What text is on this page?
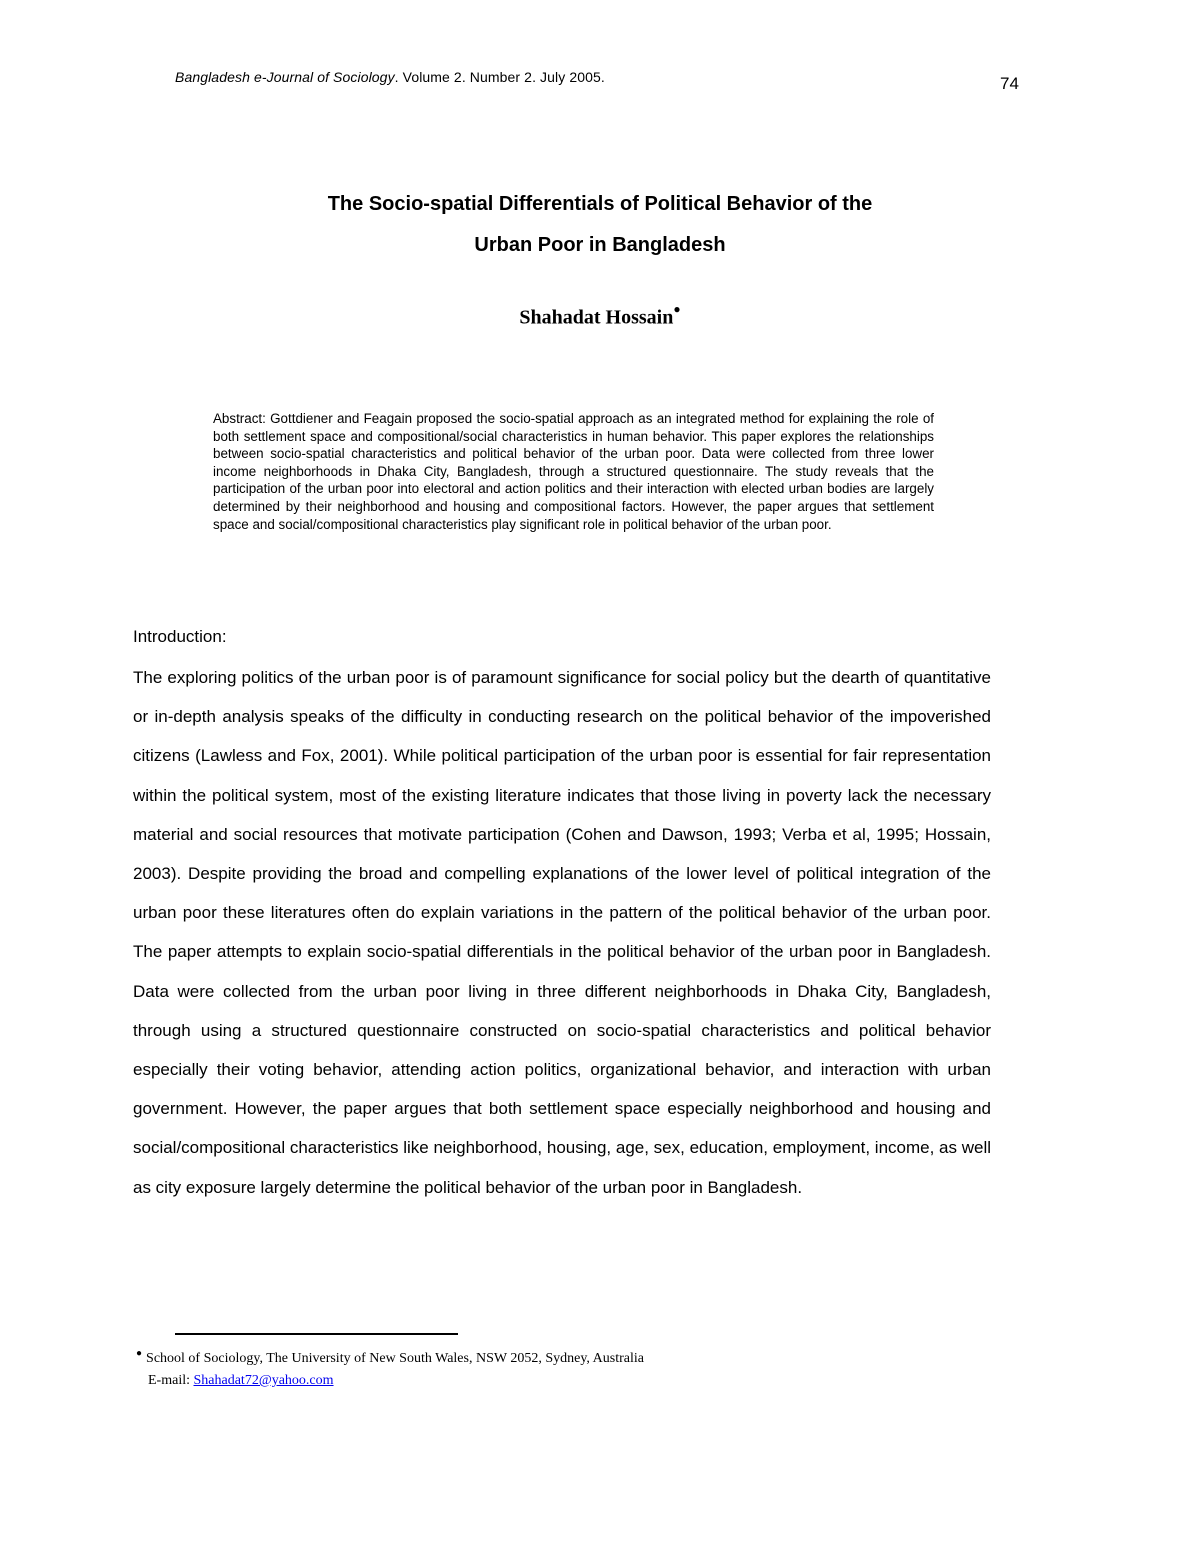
Bangladesh e-Journal of Sociology. Volume 2. Number 2. July 2005.	74
The Socio-spatial Differentials of Political Behavior of the
Urban Poor in Bangladesh
Shahadat Hossain●
Abstract: Gottdiener and Feagain proposed the socio-spatial approach as an integrated method for explaining the role of both settlement space and compositional/social characteristics in human behavior. This paper explores the relationships between socio-spatial characteristics and political behavior of the urban poor. Data were collected from three lower income neighborhoods in Dhaka City, Bangladesh, through a structured questionnaire. The study reveals that the participation of the urban poor into electoral and action politics and their interaction with elected urban bodies are largely determined by their neighborhood and housing and compositional factors. However, the paper argues that settlement space and social/compositional characteristics play significant role in political behavior of the urban poor.
Introduction:
The exploring politics of the urban poor is of paramount significance for social policy but the dearth of quantitative or in-depth analysis speaks of the difficulty in conducting research on the political behavior of the impoverished citizens (Lawless and Fox, 2001). While political participation of the urban poor is essential for fair representation within the political system, most of the existing literature indicates that those living in poverty lack the necessary material and social resources that motivate participation (Cohen and Dawson, 1993; Verba et al, 1995; Hossain, 2003). Despite providing the broad and compelling explanations of the lower level of political integration of the urban poor these literatures often do explain variations in the pattern of the political behavior of the urban poor. The paper attempts to explain socio-spatial differentials in the political behavior of the urban poor in Bangladesh. Data were collected from the urban poor living in three different neighborhoods in Dhaka City, Bangladesh, through using a structured questionnaire constructed on socio-spatial characteristics and political behavior especially their voting behavior, attending action politics, organizational behavior, and interaction with urban government. However, the paper argues that both settlement space especially neighborhood and housing and social/compositional characteristics like neighborhood, housing, age, sex, education, employment, income, as well as city exposure largely determine the political behavior of the urban poor in Bangladesh.
● School of Sociology, The University of New South Wales, NSW 2052, Sydney, Australia
E-mail: Shahadat72@yahoo.com
